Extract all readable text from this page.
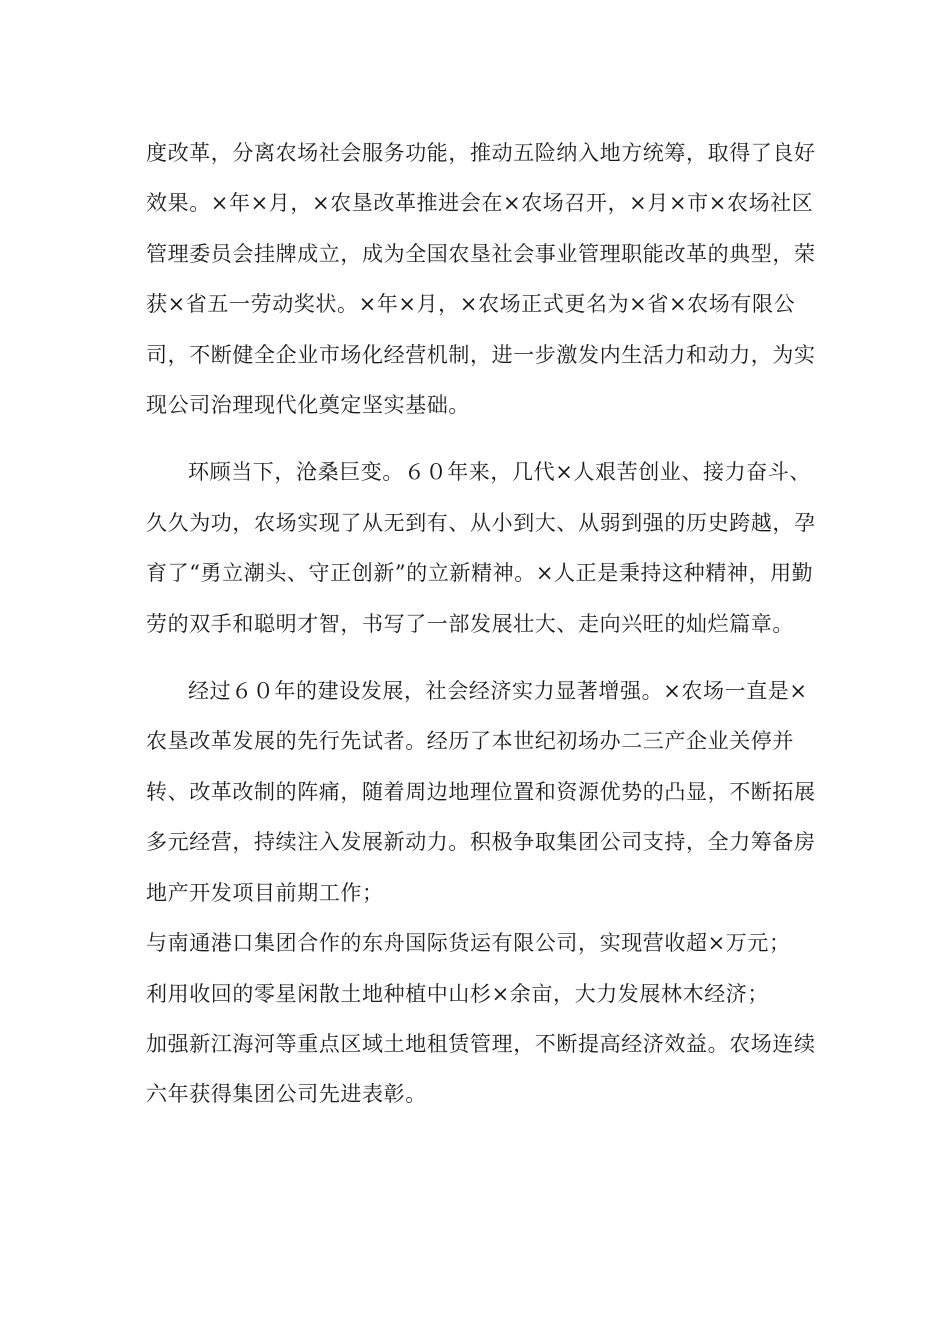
度改革，分离农场社会服务功能，推动五险纳入地方统筹，取得了良好效果。×年×月，×农垦改革推进会在×农场召开，×月×市×农场社区管理委员会挂牌成立，成为全国农垦社会事业管理职能改革的典型，荣获×省五一劳动奖状。×年×月，×农场正式更名为×省×农场有限公司，不断健全企业市场化经营机制，进一步激发内生活力和动力，为实现公司治理现代化奠定坚实基础。

环顾当下，沧桑巨变。６０年来，几代×人艰苦创业、接力奋斗、久久为功，农场实现了从无到有、从小到大、从弱到强的历史跨越，孕育了“勇立潮头、守正创新”的立新精神。×人正是秉持这种精神，用勤劳的双手和聪明才智，书写了一部发展壮大、走向兴旺的灿烂篇章。

经过６０年的建设发展，社会经济实力显著增强。×农场一直是×农垦改革发展的先行先试者。经历了本世纪初场办二三产企业关停并转、改革改制的阵痛，随着周边地理位置和资源优势的凸显，不断拓展多元经营，持续注入发展新动力。积极争取集团公司支持，全力筹备房地产开发项目前期工作；

与南通港口集团合作的东舟国际货运有限公司，实现营收超×万元；

利用收回的零星闲散土地种植中山杉×余亩，大力发展林木经济；

加强新江海河等重点区域土地租赁管理，不断提高经济效益。农场连续六年获得集团公司先进表彰。
